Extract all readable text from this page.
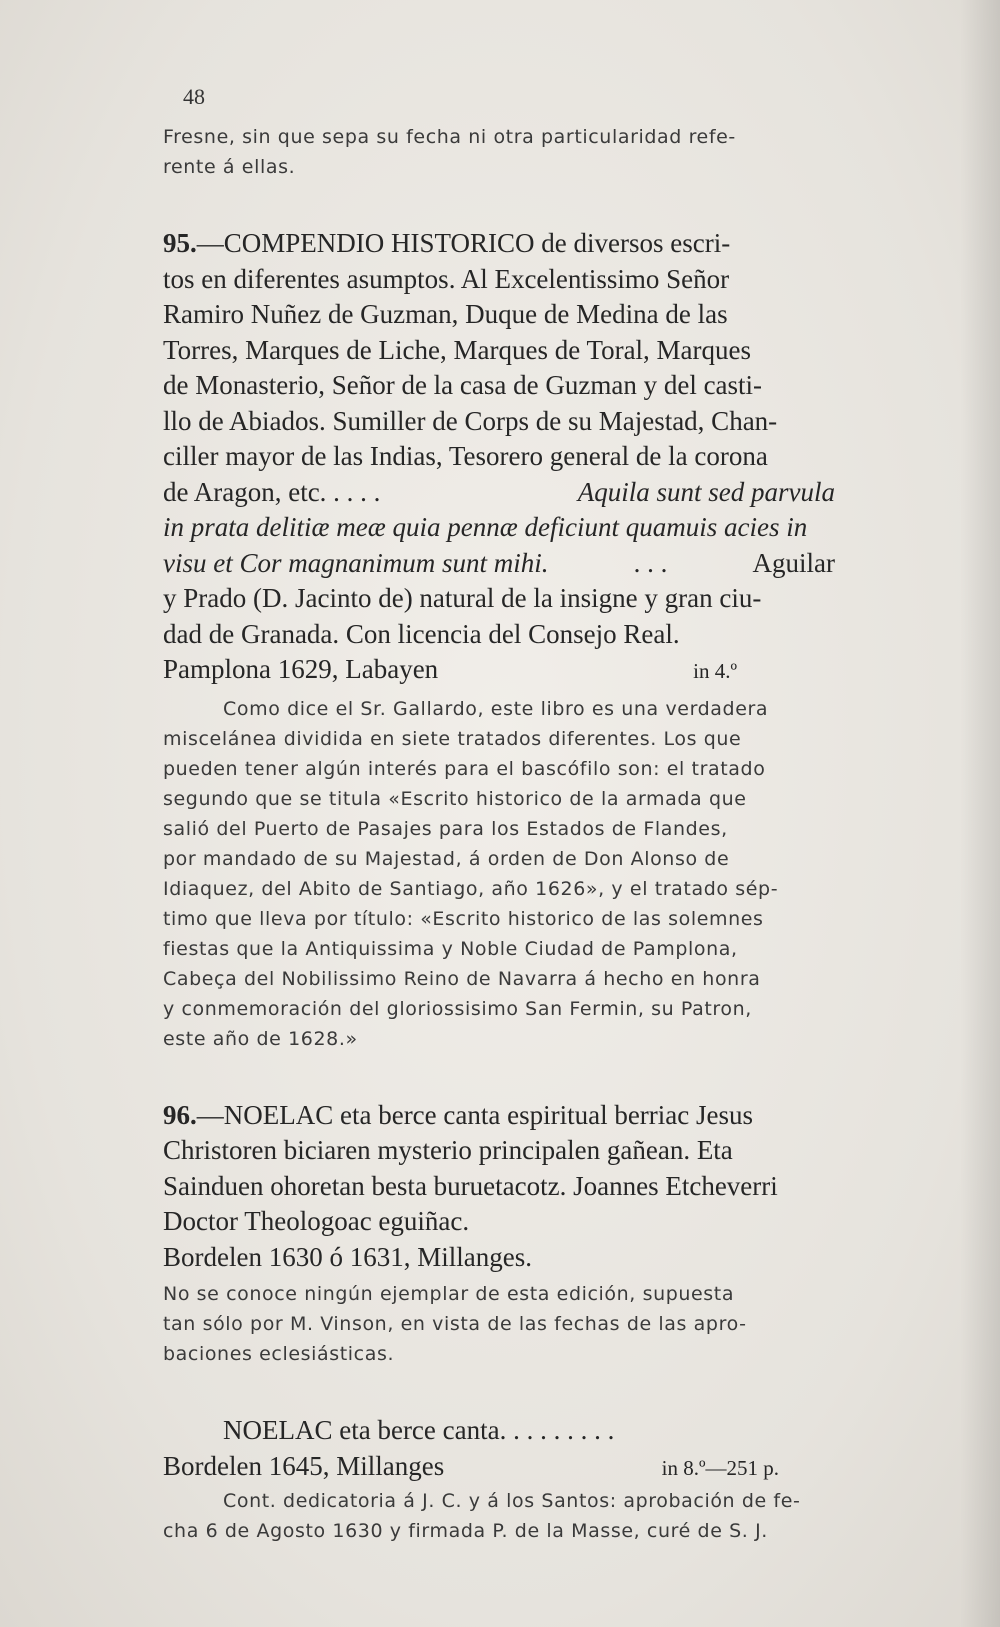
48

Fresne, sin que sepa su fecha ni otra particularidad refe-

rente á ellas.

95.—COMPENDIO HISTORICO de diversos escri-

tos en diferentes asumptos. Al Excelentissimo Señor

Ramiro Nuñez de Guzman, Duque de Medina de las

Torres, Marques de Liche, Marques de Toral, Marques

de Monasterio, Señor de la casa de Guzman y del casti-

llo de Abiados. Sumiller de Corps de su Majestad, Chan-

ciller mayor de las Indias, Tesorero general de la corona

de Aragon, etc. . . . .	Aquila sunt sed parvula

in prata delitiæ meæ quia pennæ deficiunt quamuis acies in

visu et Cor magnanimum sunt mihi.	. . .	Aguilar

y Prado (D. Jacinto de) natural de la insigne y gran ciu-

dad de Granada. Con licencia del Consejo Real.

Pamplona 1629, Labayen	in 4.º

Como dice el Sr. Gallardo, este libro es una verdadera

miscelánea dividida en siete tratados diferentes. Los que

pueden tener algún interés para el bascófilo son: el tratado

segundo que se titula «Escrito historico de la armada que

salió del Puerto de Pasajes para los Estados de Flandes,

por mandado de su Majestad, á orden de Don Alonso de

Idiaquez, del Abito de Santiago, año 1626», y el tratado sép-

timo que lleva por título: «Escrito historico de las solemnes

fiestas que la Antiquissima y Noble Ciudad de Pamplona,

Cabeça del Nobilissimo Reino de Navarra á hecho en honra

y conmemoración del gloriossisimo San Fermin, su Patron,

este año de 1628.»

96.—NOELAC eta berce canta espiritual berriac Jesus

Christoren biciaren mysterio principalen gañean. Eta

Sainduen ohoretan besta buruetacotz. Joannes Etcheverri

Doctor Theologoac eguiñac.

Bordelen 1630 ó 1631, Millanges.

No se conoce ningún ejemplar de esta edición, supuesta

tan sólo por M. Vinson, en vista de las fechas de las apro-

baciones eclesiásticas.

NOELAC eta berce canta. . . . . . . . .

Bordelen 1645, Millanges	in 8.º—251 p.

Cont. dedicatoria á J. C. y á los Santos: aprobación de fe-

cha 6 de Agosto 1630 y firmada P. de la Masse, curé de S. J.
